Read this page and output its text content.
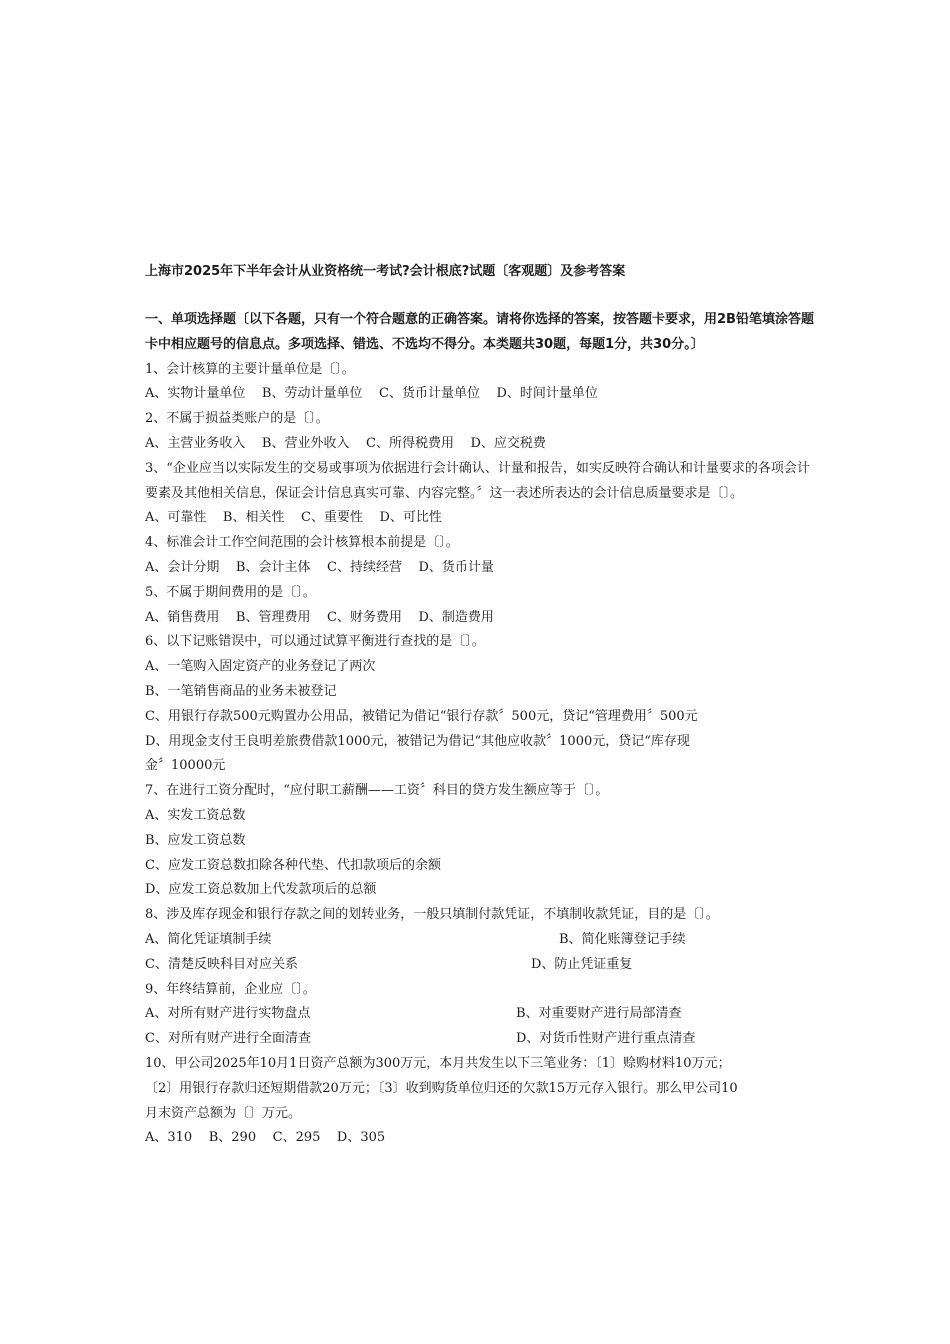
上海市2025年下半年会计从业资格统一考试?会计根底?试题〔客观题〕及参考答案

一、单项选择题〔以下各题，只有一个符合题意的正确答案。请将你选择的答案，按答题卡要求，用2B铅笔填涂答题卡中相应题号的信息点。多项选择、错选、不选均不得分。本类题共30题，每题1分，共30分。〕

1、会计核算的主要计量单位是〔〕。

A、实物计量单位    B、劳动计量单位    C、货币计量单位    D、时间计量单位

2、不属于损益类账户的是〔〕。

A、主营业务收入    B、营业外收入    C、所得税费用    D、应交税费

3、“企业应当以实际发生的交易或事项为依据进行会计确认、计量和报告，如实反映符合确认和计量要求的各项会计要素及其他相关信息，保证会计信息真实可靠、内容完整。〞这一表述所表达的会计信息质量要求是〔〕。

A、可靠性    B、相关性    C、重要性    D、可比性

4、标准会计工作空间范围的会计核算根本前提是〔〕。

A、会计分期    B、会计主体    C、持续经营    D、货币计量

5、不属于期间费用的是〔〕。

A、销售费用    B、管理费用    C、财务费用    D、制造费用

6、以下记账错误中，可以通过试算平衡进行查找的是〔〕。

A、一笔购入固定资产的业务登记了两次

B、一笔销售商品的业务未被登记

C、用银行存款500元购置办公用品，被错记为借记“银行存款〞500元，贷记“管理费用〞500元

D、用现金支付王良明差旅费借款1000元，被错记为借记“其他应收款〞1000元，贷记“库存现

金〞10000元

7、在进行工资分配时，“应付职工薪酬——工资〞科目的贷方发生额应等于〔〕。

A、实发工资总数

B、应发工资总数

C、应发工资总数扣除各种代垫、代扣款项后的余额

D、应发工资总数加上代发款项后的总额

8、涉及库存现金和银行存款之间的划转业务，一般只填制付款凭证，不填制收款凭证，目的是〔〕。

A、简化凭证填制手续	B、简化账簿登记手续
C、清楚反映科目对应关系	D、防止凭证重复

9、年终结算前，企业应〔〕。

A、对所有财产进行实物盘点	B、对重要财产进行局部清查
C、对所有财产进行全面清查	D、对货币性财产进行重点清查

10、甲公司2025年10月1日资产总额为300万元，本月共发生以下三笔业务：〔1〕赊购材料10万元；

〔2〕用银行存款归还短期借款20万元；〔3〕收到购货单位归还的欠款15万元存入银行。那么甲公司10

月末资产总额为〔〕万元。

A、310    B、290    C、295    D、305
